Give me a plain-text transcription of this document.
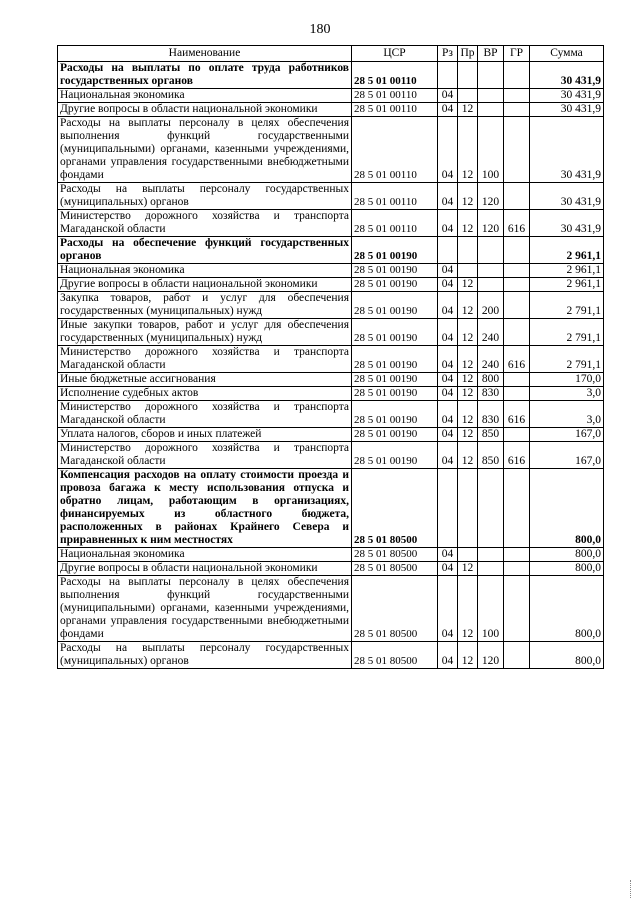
180
Наименование	ЦСР	Рз	Пр	ВР	ГР	Сумма
Расходы на выплаты по оплате труда работников государственных органов	28 5 01 00110					30 431,9
Национальная экономика	28 5 01 00110	04				30 431,9
Другие вопросы в области национальной экономики	28 5 01 00110	04	12			30 431,9
Расходы на выплаты персоналу в целях обеспечения выполнения функций государственными (муниципальными) органами, казенными учреждениями, органами управления государственными внебюджетными фондами	28 5 01 00110	04	12	100		30 431,9
Расходы на выплаты персоналу государственных (муниципальных) органов	28 5 01 00110	04	12	120		30 431,9
Министерство дорожного хозяйства и транспорта Магаданской области	28 5 01 00110	04	12	120	616	30 431,9
Расходы на обеспечение функций государственных органов	28 5 01 00190					2 961,1
Национальная экономика	28 5 01 00190	04				2 961,1
Другие вопросы в области национальной экономики	28 5 01 00190	04	12			2 961,1
Закупка товаров, работ и услуг для обеспечения государственных (муниципальных) нужд	28 5 01 00190	04	12	200		2 791,1
Иные закупки товаров, работ и услуг для обеспечения государственных (муниципальных) нужд	28 5 01 00190	04	12	240		2 791,1
Министерство дорожного хозяйства и транспорта Магаданской области	28 5 01 00190	04	12	240	616	2 791,1
Иные бюджетные ассигнования	28 5 01 00190	04	12	800		170,0
Исполнение судебных актов	28 5 01 00190	04	12	830		3,0
Министерство дорожного хозяйства и транспорта Магаданской области	28 5 01 00190	04	12	830	616	3,0
Уплата налогов, сборов и иных платежей	28 5 01 00190	04	12	850		167,0
Министерство дорожного хозяйства и транспорта Магаданской области	28 5 01 00190	04	12	850	616	167,0
Компенсация расходов на оплату стоимости проезда и провоза багажа к месту использования отпуска и обратно лицам, работающим в организациях, финансируемых из областного бюджета, расположенных в районах Крайнего Севера и приравненных к ним местностях	28 5 01 80500					800,0
Национальная экономика	28 5 01 80500	04				800,0
Другие вопросы в области национальной экономики	28 5 01 80500	04	12			800,0
Расходы на выплаты персоналу в целях обеспечения выполнения функций государственными (муниципальными) органами, казенными учреждениями, органами управления государственными внебюджетными фондами	28 5 01 80500	04	12	100		800,0
Расходы на выплаты персоналу государственных (муниципальных) органов	28 5 01 80500	04	12	120		800,0
